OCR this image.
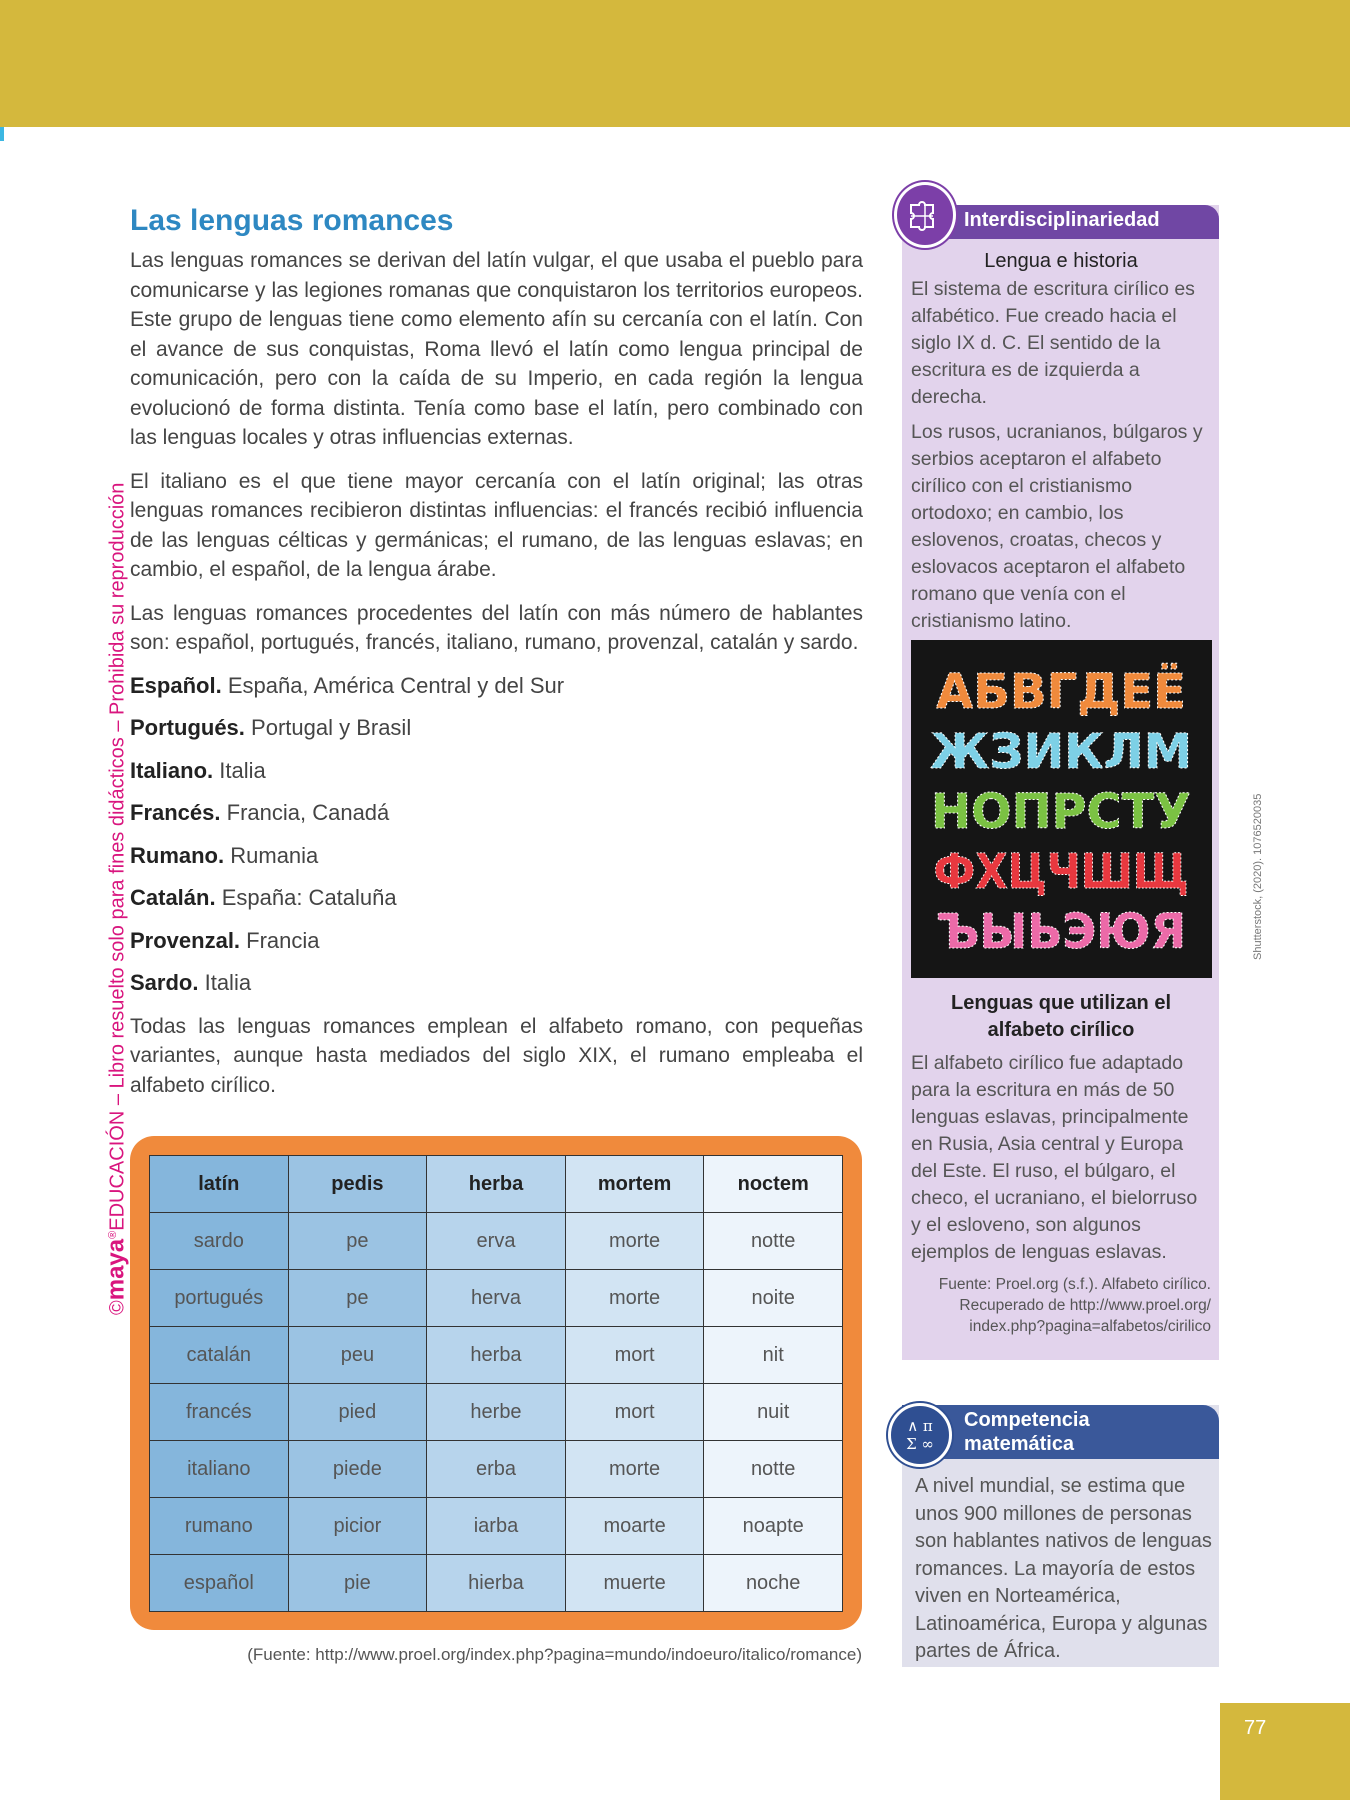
©maya®EDUCACIÓN – Libro resuelto solo para fines didácticos – Prohibida su reproducción
Las lenguas romances

Las lenguas romances se derivan del latín vulgar, el que usaba el pueblo para comunicarse y las legiones romanas que conquistaron los territorios europeos. Este grupo de lenguas tiene como elemento afín su cercanía con el latín. Con el avance de sus conquistas, Roma llevó el latín como lengua principal de comunicación, pero con la caída de su Imperio, en cada región la lengua evolucionó de forma distinta. Tenía como base el latín, pero combinado con las lenguas locales y otras influencias externas.

El italiano es el que tiene mayor cercanía con el latín original; las otras lenguas romances recibieron distintas influencias: el francés recibió influencia de las lenguas célticas y germánicas; el rumano, de las lenguas eslavas; en cambio, el español, de la lengua árabe.

Las lenguas romances procedentes del latín con más número de hablantes son: español, portugués, francés, italiano, rumano, provenzal, catalán y sardo.

Español. España, América Central y del Sur
Portugués. Portugal y Brasil
Italiano. Italia
Francés. Francia, Canadá
Rumano. Rumania
Catalán. España: Cataluña
Provenzal. Francia
Sardo. Italia

Todas las lenguas romances emplean el alfabeto romano, con pequeñas variantes, aunque hasta mediados del siglo XIX, el rumano empleaba el alfabeto cirílico.

latín	pedis	herba	mortem	noctem
sardo	pe	erva	morte	notte
portugués	pe	herva	morte	noite
catalán	peu	herba	mort	nit
francés	pied	herbe	mort	nuit
italiano	piede	erba	morte	notte
rumano	picior	iarba	moarte	noapte
español	pie	hierba	muerte	noche
(Fuente: http://www.proel.org/index.php?pagina=mundo/indoeuro/italico/romance)
Interdisciplinariedad
Lengua e historia

El sistema de escritura cirílico es alfabético. Fue creado hacia el siglo IX d. C. El sentido de la escritura es de izquierda a derecha.

Los rusos, ucranianos, búlgaros y serbios aceptaron el alfabeto cirílico con el cristianismo ortodoxo; en cambio, los eslovenos, croatas, checos y eslovacos aceptaron el alfabeto romano que venía con el cristianismo latino.

АБВГДЕЁ
ЖЗИКЛМ
НОПРСТУ
ФХЦЧШЩ
ЪЫЬЭЮЯ	Shutterstock, (2020). 1076520035
Lenguas que utilizan el alfabeto cirílico

El alfabeto cirílico fue adaptado para la escritura en más de 50 lenguas eslavas, principalmente en Rusia, Asia central y Europa del Este. El ruso, el búlgaro, el checo, el ucraniano, el bielorruso y el esloveno, son algunos ejemplos de lenguas eslavas.

Fuente: Proel.org (s.f.). Alfabeto cirílico.
Recuperado de http://www.proel.org/
index.php?pagina=alfabetos/cirilico
Competencia
matemática
∧ π
Σ ∞

A nivel mundial, se estima que unos 900 millones de personas son hablantes nativos de lenguas romances. La mayoría de estos viven en Norteamérica, Latinoamérica, Europa y algunas partes de África.

77
